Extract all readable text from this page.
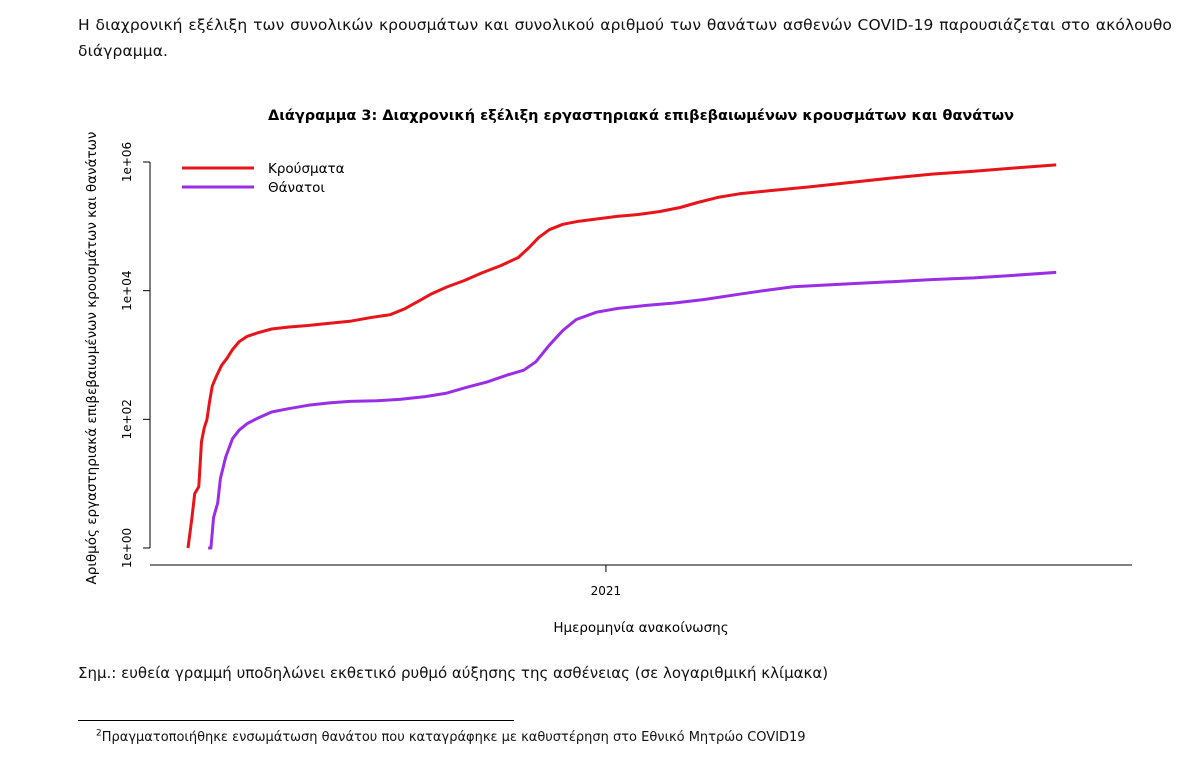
Η διαχρονική εξέλιξη των συνολικών κρουσμάτων και συνολικού αριθμού των θανάτων ασθενών COVID-19 παρουσιάζεται στο ακόλουθο διάγραμμα.

Διάγραμμα 3: Διαχρονική εξέλιξη εργαστηριακά επιβεβαιωμένων κρουσμάτων και θανάτων
1e+00
1e+02
1e+04
1e+06
2021
Ημερομηνία ανακοίνωσης
Αριθμός εργαστηριακά επιβεβαιωμένων κρουσμάτων και θανάτων	Κρούσματα
Θάνατοι

Σημ.: ευθεία γραμμή υποδηλώνει εκθετικό ρυθμό αύξησης της ασθένειας (σε λογαριθμική κλίμακα)

$^2$Πραγματοποιήθηκε ενσωμάτωση θανάτου που καταγράφηκε με καθυστέρηση στο Εθνικό Μητρώο COVID19
